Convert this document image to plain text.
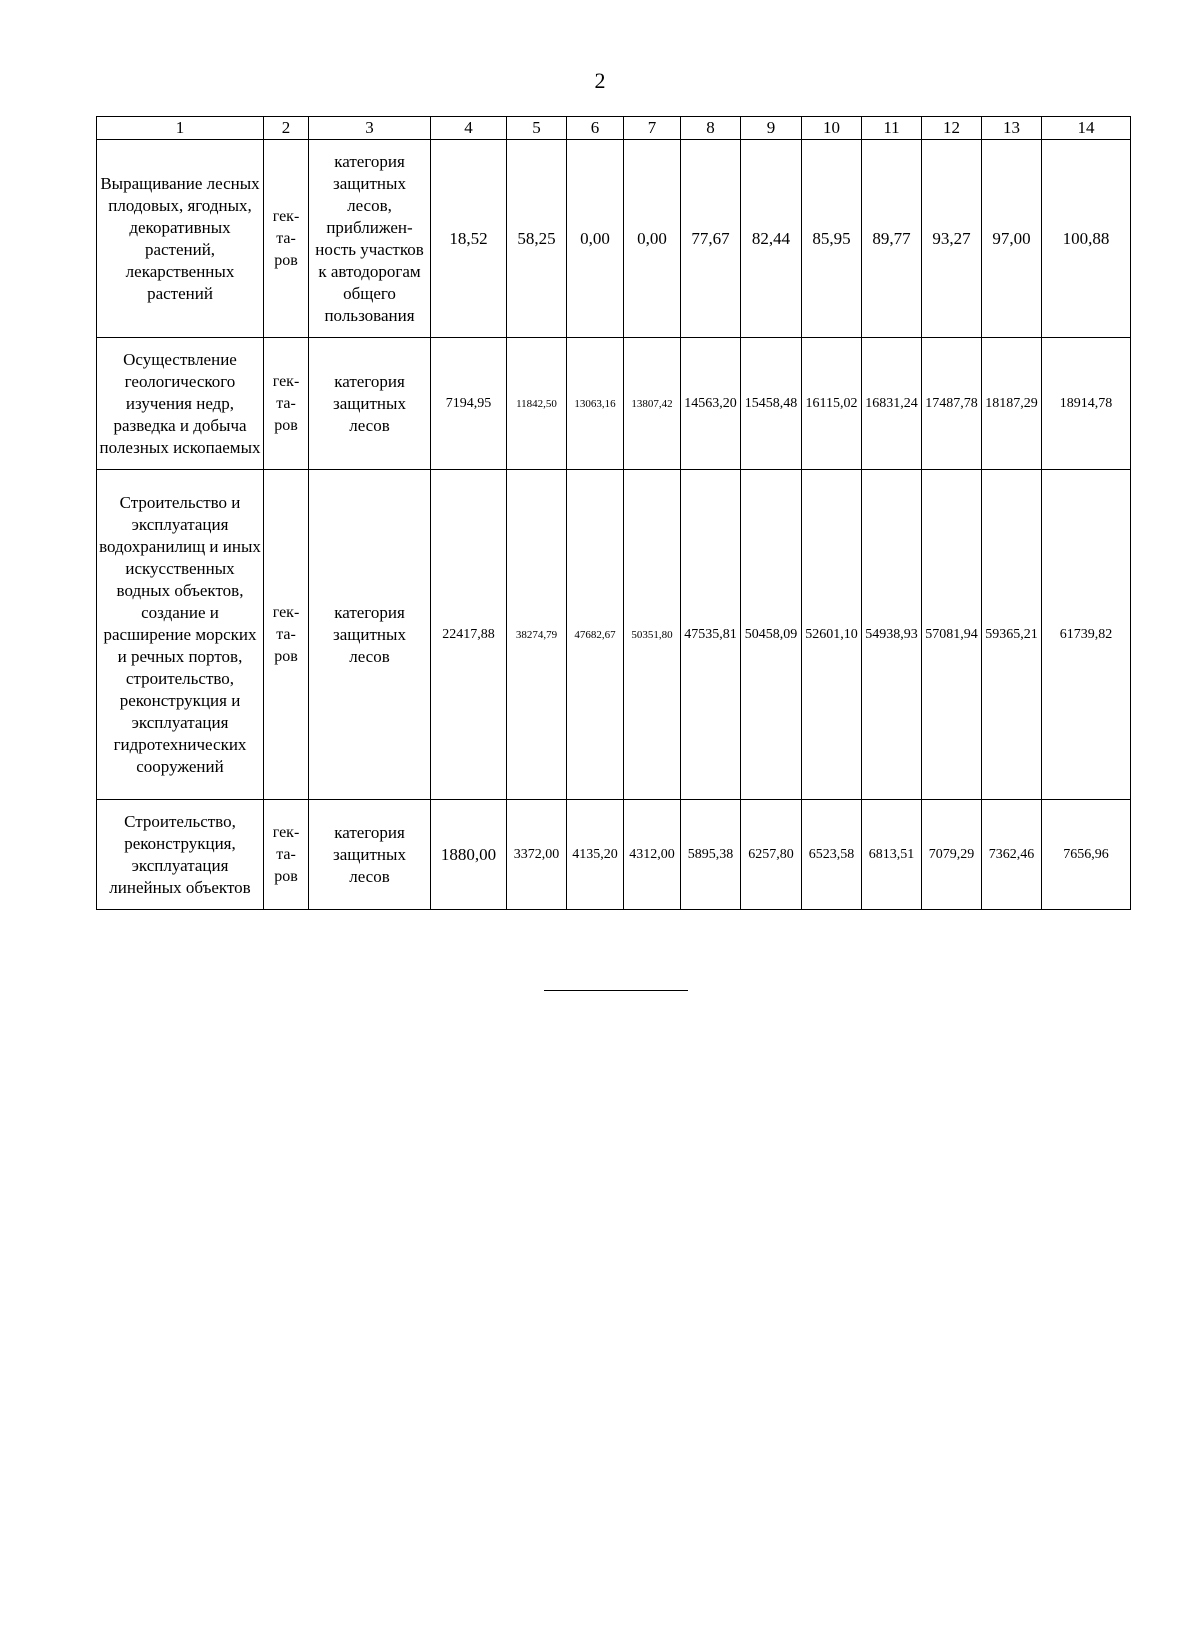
2
1	2	3	4	5	6	7	8	9	10	11	12	13	14
Выращивание лесных плодовых, ягодных, декоративных растений, лекарственных растений	гек-та-ров	категория защитных лесов, приближен-ность участков к автодорогам общего пользования	18,52	58,25	0,00	0,00	77,67	82,44	85,95	89,77	93,27	97,00	100,88
Осуществление геологического изучения недр, разведка и добыча полезных ископаемых	гек-та-ров	категория защитных лесов	7194,95	11842,50	13063,16	13807,42	14563,20	15458,48	16115,02	16831,24	17487,78	18187,29	18914,78
Строительство и эксплуатация водохранилищ и иных искусственных водных объектов, создание и расширение морских и речных портов, строительство, реконструкция и эксплуатация гидротехнических сооружений	гек-та-ров	категория защитных лесов	22417,88	38274,79	47682,67	50351,80	47535,81	50458,09	52601,10	54938,93	57081,94	59365,21	61739,82
Строительство, реконструкция, эксплуатация линейных объектов	гек-та-ров	категория защитных лесов	1880,00	3372,00	4135,20	4312,00	5895,38	6257,80	6523,58	6813,51	7079,29	7362,46	7656,96
